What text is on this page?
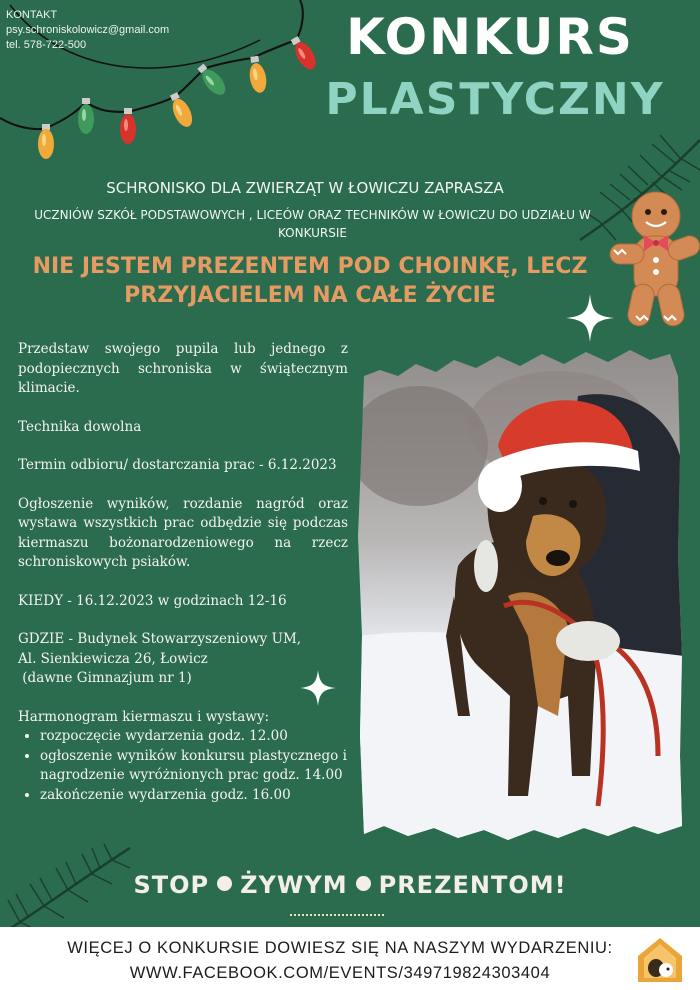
KONTAKT
psy.schroniskolowicz@gmail.com
tel. 578-722-500	KONKURS
PLASTYCZNY
SCHRONISKO DLA ZWIERZĄT W ŁOWICZU ZAPRASZA
UCZNIÓW SZKÓŁ PODSTAWOWYCH , LICEÓW ORAZ TECHNIKÓW W ŁOWICZU DO UDZIAŁU W KONKURSIE
NIE JESTEM PREZENTEM POD CHOINKĘ, LECZ
PRZYJACIELEM NA CAŁE ŻYCIE

Przedstaw swojego pupila lub jednego z podopiecznych schroniska w świątecznym klimacie.

Technika dowolna

Termin odbioru/ dostarczania prac - 6.12.2023

Ogłoszenie wyników, rozdanie nagród oraz wystawa wszystkich prac odbędzie się podczas kiermaszu bożonarodzeniowego na rzecz schroniskowych psiaków.

KIEDY - 16.12.2023 w godzinach 12-16

GDZIE - Budynek Stowarzyszeniowy UM,
Al. Sienkiewicza 26, Łowicz
(dawne Gimnazjum nr 1)

Harmonogram kiermaszu i wystawy:

• rozpoczęcie wydarzenia godz. 12.00
• ogłoszenie wyników konkursu plastycznego i nagrodzenie wyróżnionych prac godz. 14.00
• zakończenie wydarzenia godz. 16.00
STOP ŻYWYM PREZENTOM!
WIĘCEJ O KONKURSIE DOWIESZ SIĘ NA NASZYM WYDARZENIU:
WWW.FACEBOOK.COM/EVENTS/349719824303404
